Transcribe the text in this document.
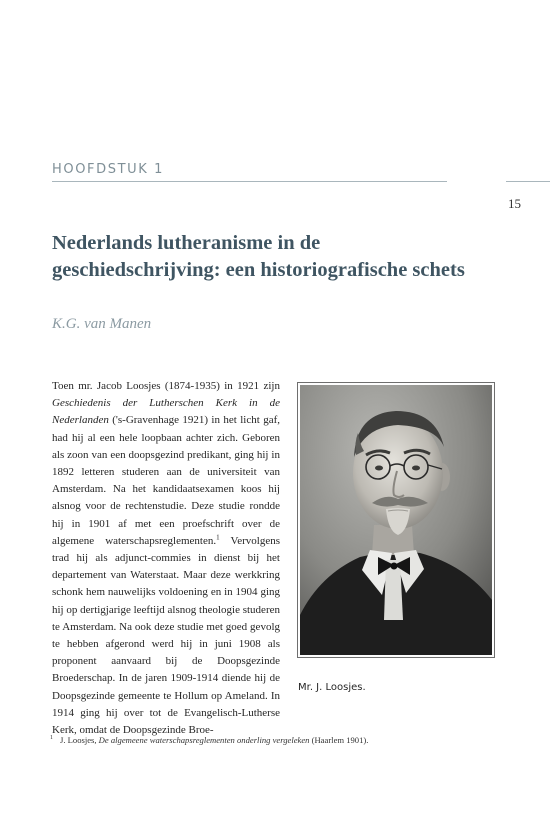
HOOFDSTUK 1
15
Nederlands lutheranisme in de geschiedschrijving: een historiografische schets
K.G. van Manen
Toen mr. Jacob Loosjes (1874-1935) in 1921 zijn Geschiedenis der Lutherschen Kerk in de Nederlanden ('s-Gravenhage 1921) in het licht gaf, had hij al een hele loopbaan achter zich. Geboren als zoon van een doopsgezind predikant, ging hij in 1892 letteren studeren aan de universiteit van Amsterdam. Na het kandidaatsexamen koos hij alsnog voor de rechtenstudie. Deze studie rondde hij in 1901 af met een proefschrift over de algemene waterschapsreglementen.$^1$ Vervolgens trad hij als adjunct-commies in dienst bij het departement van Waterstaat. Maar deze werkkring schonk hem nauwelijks voldoening en in 1904 ging hij op dertigjarige leeftijd alsnog theologie studeren te Amsterdam. Na ook deze studie met goed gevolg te hebben afgerond werd hij in juni 1908 als proponent aanvaard bij de Doopsgezinde Broederschap. In de jaren 1909-1914 diende hij de Doopsgezinde gemeente te Hollum op Ameland. In 1914 ging hij over tot de Evangelisch-Lutherse Kerk, omdat de Doopsgezinde Broe-
Mr. J. Loosjes.
$^1$ J. Loosjes, De algemeene waterschapsreglementen onderling vergeleken (Haarlem 1901).
